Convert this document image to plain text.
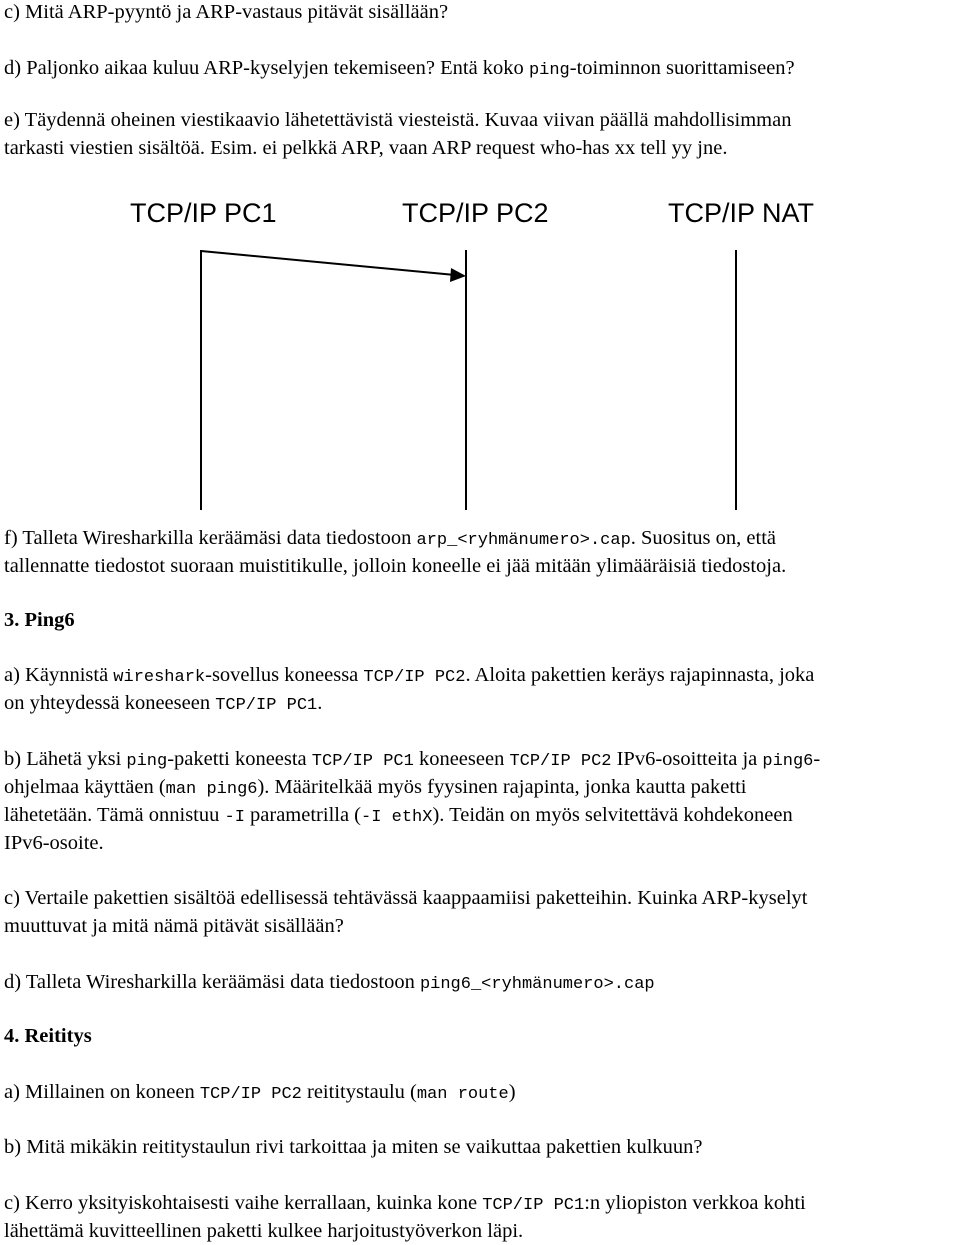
c) Mitä ARP-pyyntö ja ARP-vastaus pitävät sisällään?

d) Paljonko aikaa kuluu ARP-kyselyjen tekemiseen? Entä koko ping-toiminnon suorittamiseen?

e) Täydennä oheinen viestikaavio lähetettävistä viesteistä. Kuvaa viivan päällä mahdollisimman

tarkasti viestien sisältöä. Esim. ei pelkkä ARP, vaan ARP request who-has xx tell yy jne.

TCP/IP PC1	TCP/IP PC2	TCP/IP NAT

f) Talleta Wiresharkilla keräämäsi data tiedostoon arp_<ryhmänumero>.cap. Suositus on, että

tallennatte tiedostot suoraan muistitikulle, jolloin koneelle ei jää mitään ylimääräisiä tiedostoja.

3. Ping6

a) Käynnistä wireshark-sovellus koneessa TCP/IP PC2. Aloita pakettien keräys rajapinnasta, joka

on yhteydessä koneeseen TCP/IP PC1.

b) Lähetä yksi ping-paketti koneesta TCP/IP PC1 koneeseen TCP/IP PC2 IPv6-osoitteita ja ping6-

ohjelmaa käyttäen (man ping6). Määritelkää myös fyysinen rajapinta, jonka kautta paketti

lähetetään. Tämä onnistuu -I parametrilla (-I ethX). Teidän on myös selvitettävä kohdekoneen

IPv6-osoite.

c) Vertaile pakettien sisältöä edellisessä tehtävässä kaappaamiisi paketteihin. Kuinka ARP-kyselyt

muuttuvat ja mitä nämä pitävät sisällään?

d) Talleta Wiresharkilla keräämäsi data tiedostoon ping6_<ryhmänumero>.cap

4. Reititys

a) Millainen on koneen TCP/IP PC2 reititystaulu (man route)

b) Mitä mikäkin reititystaulun rivi tarkoittaa ja miten se vaikuttaa pakettien kulkuun?

c) Kerro yksityiskohtaisesti vaihe kerrallaan, kuinka kone TCP/IP PC1:n yliopiston verkkoa kohti

lähettämä kuvitteellinen paketti kulkee harjoitustyöverkon läpi.
